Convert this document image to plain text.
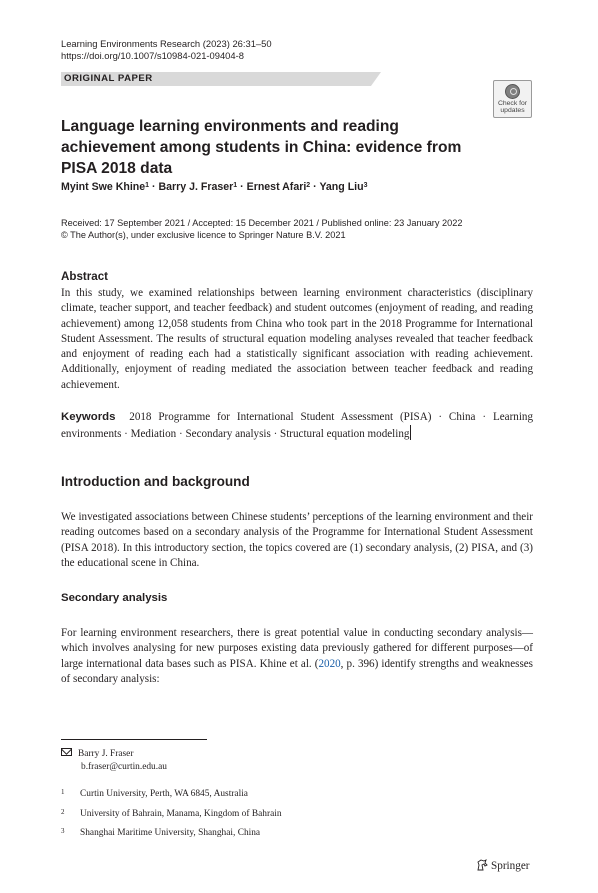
Learning Environments Research (2023) 26:31–50
https://doi.org/10.1007/s10984-021-09404-8
ORIGINAL PAPER
Check for
updates
Language learning environments and reading achievement among students in China: evidence from PISA 2018 data
Myint Swe Khine$^1$ · Barry J. Fraser$^1$ · Ernest Afari$^2$ · Yang Liu$^3$
Received: 17 September 2021 / Accepted: 15 December 2021 / Published online: 23 January 2022
© The Author(s), under exclusive licence to Springer Nature B.V. 2021
Abstract
In this study, we examined relationships between learning environment characteristics (disciplinary climate, teacher support, and teacher feedback) and student outcomes (enjoyment of reading, and reading achievement) among 12,058 students from China who took part in the 2018 Programme for International Student Assessment. The results of structural equation modeling analyses revealed that teacher feedback and enjoyment of reading each had a statistically significant association with reading achievement. Additionally, enjoyment of reading mediated the association between teacher feedback and reading achievement.
Keywords 2018 Programme for International Student Assessment (PISA) · China · Learning environments · Mediation · Secondary analysis · Structural equation modeling
Introduction and background
We investigated associations between Chinese students’ perceptions of the learning environment and their reading outcomes based on a secondary analysis of the Programme for International Student Assessment (PISA 2018). In this introductory section, the topics covered are (1) secondary analysis, (2) PISA, and (3) the educational scene in China.
Secondary analysis
For learning environment researchers, there is great potential value in conducting secondary analysis—which involves analysing for new purposes existing data previously gathered for different purposes—of large international data bases such as PISA. Khine et al. (2020, p. 396) identify strengths and weaknesses of secondary analysis:
Barry J. Fraser
b.fraser@curtin.edu.au
1 Curtin University, Perth, WA 6845, Australia
2 University of Bahrain, Manama, Kingdom of Bahrain
3 Shanghai Maritime University, Shanghai, China
Springer
